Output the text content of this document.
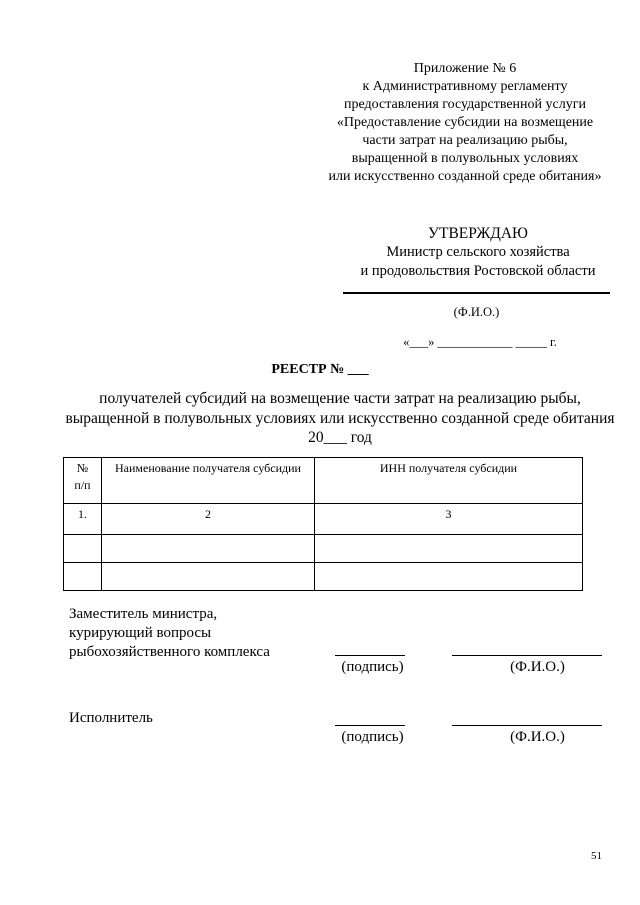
Приложение № 6
к Административному регламенту
предоставления государственной услуги
«Предоставление субсидии на возмещение
части затрат на реализацию рыбы,
выращенной в полувольных условиях
или искусственно созданной среде обитания»
УТВЕРЖДАЮ
Министр сельского хозяйства
и продовольствия Ростовской области
(Ф.И.О.)
«___» ____________ _____ г.
РЕЕСТР № ___
получателей субсидий на возмещение части затрат на реализацию рыбы,
выращенной в полувольных условиях или искусственно созданной среде обитания
20___ год
№
п/п	Наименование получателя субсидии	ИНН получателя субсидии
1.	2	3

Заместитель министра,
курирующий вопросы
рыбохозяйственного комплекса
(подпись)	(Ф.И.О.)
Исполнитель
(подпись)	(Ф.И.О.)
51
